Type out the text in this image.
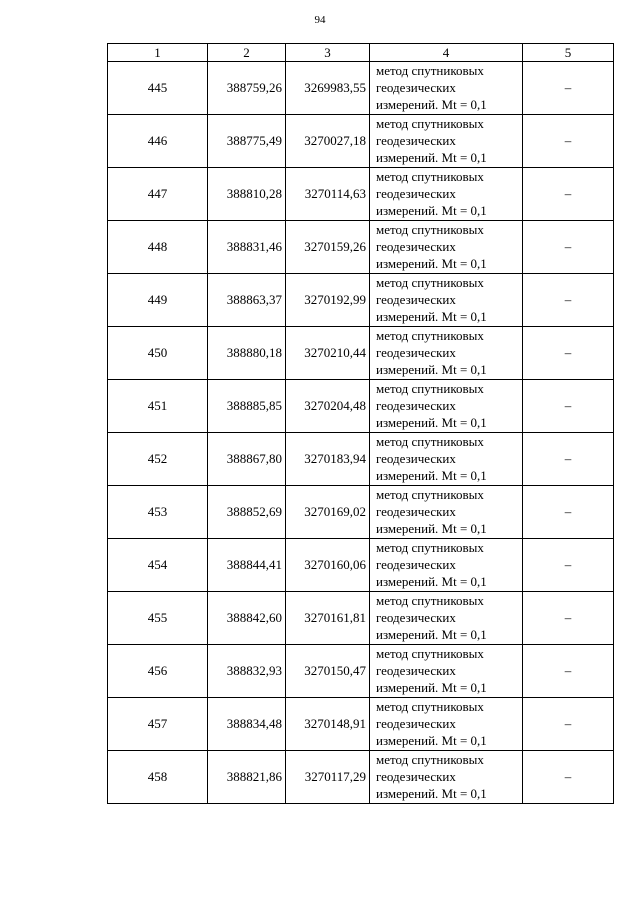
94
1	2	3	4	5
445	388759,26	3269983,55	метод спутниковых
геодезических
измерений. Mt = 0,1	–
446	388775,49	3270027,18	метод спутниковых
геодезических
измерений. Mt = 0,1	–
447	388810,28	3270114,63	метод спутниковых
геодезических
измерений. Mt = 0,1	–
448	388831,46	3270159,26	метод спутниковых
геодезических
измерений. Mt = 0,1	–
449	388863,37	3270192,99	метод спутниковых
геодезических
измерений. Mt = 0,1	–
450	388880,18	3270210,44	метод спутниковых
геодезических
измерений. Mt = 0,1	–
451	388885,85	3270204,48	метод спутниковых
геодезических
измерений. Mt = 0,1	–
452	388867,80	3270183,94	метод спутниковых
геодезических
измерений. Mt = 0,1	–
453	388852,69	3270169,02	метод спутниковых
геодезических
измерений. Mt = 0,1	–
454	388844,41	3270160,06	метод спутниковых
геодезических
измерений. Mt = 0,1	–
455	388842,60	3270161,81	метод спутниковых
геодезических
измерений. Mt = 0,1	–
456	388832,93	3270150,47	метод спутниковых
геодезических
измерений. Mt = 0,1	–
457	388834,48	3270148,91	метод спутниковых
геодезических
измерений. Mt = 0,1	–
458	388821,86	3270117,29	метод спутниковых
геодезических
измерений. Mt = 0,1	–
